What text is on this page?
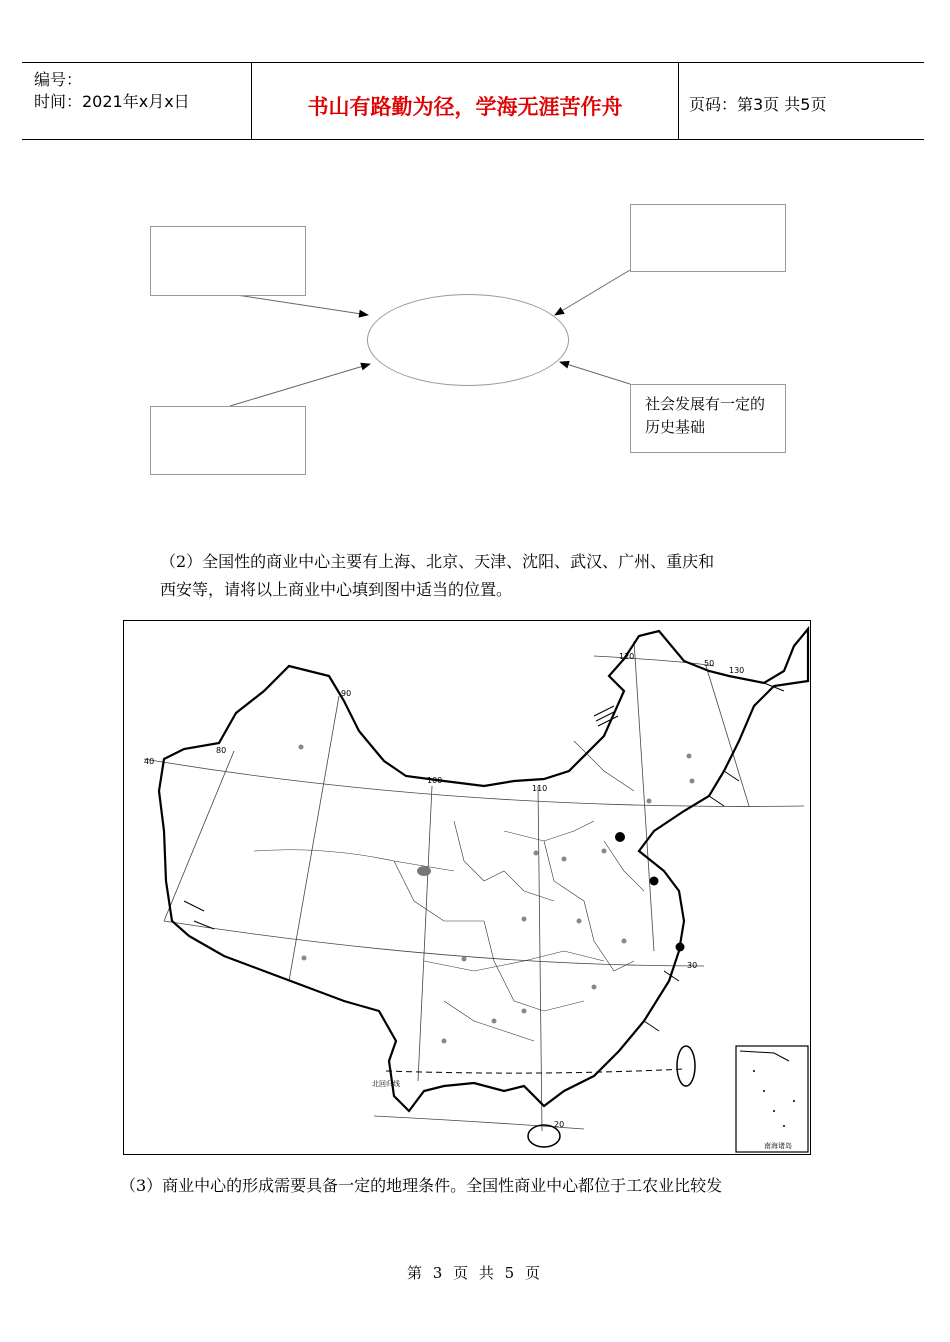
编号：
时间：2021年x月x日	书山有路勤为径，学海无涯苦作舟	页码：第3页 共5页
社会发展有一定的历史基础
（2）全国性的商业中心主要有上海、北京、天津、沈阳、武汉、广州、重庆和
西安等，请将以上商业中心填到图中适当的位置。
80
90
100
110
120
130
40
50
30
20
北回归线
南海诸岛
（3）商业中心的形成需要具备一定的地理条件。全国性商业中心都位于工农业比较发
第 3 页 共 5 页
